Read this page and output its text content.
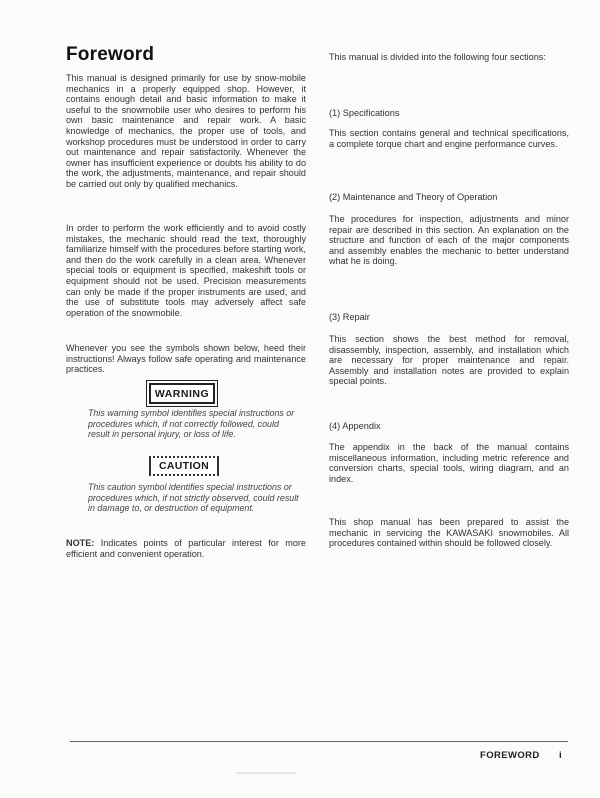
Foreword

This manual is designed primarily for use by snow-mobile mechanics in a properly equipped shop. However, it contains enough detail and basic information to make it useful to the snowmobile user who desires to perform his own basic maintenance and repair work. A basic knowledge of mechanics, the proper use of tools, and workshop procedures must be understood in order to carry out maintenance and repair satisfactorily. Whenever the owner has insufficient experience or doubts his ability to do the work, the adjustments, maintenance, and repair should be carried out only by qualified mechanics.

In order to perform the work efficiently and to avoid costly mistakes, the mechanic should read the text, thoroughly familiarize himself with the procedures before starting work, and then do the work carefully in a clean area. Whenever special tools or equipment is specified, makeshift tools or equipment should not be used. Precision measurements can only be made if the proper instruments are used, and the use of substitute tools may adversely affect safe operation of the snowmobile.

Whenever you see the symbols shown below, heed their instructions! Always follow safe operating and maintenance practices.

WARNING

This warning symbol identifies special instructions or procedures which, if not correctly followed, could result in personal injury, or loss of life.

CAUTION

This caution symbol identifies special instructions or procedures which, if not strictly observed, could result in damage to, or destruction of equipment.

NOTE: Indicates points of particular interest for more efficient and convenient operation.

This manual is divided into the following four sections:

(1) Specifications

This section contains general and technical specifications, a complete torque chart and engine performance curves.

(2) Maintenance and Theory of Operation

The procedures for inspection, adjustments and minor repair are described in this section. An explanation on the structure and function of each of the major components and assembly enables the mechanic to better understand what he is doing.

(3) Repair

This section shows the best method for removal, disassembly, inspection, assembly, and installation which are necessary for proper maintenance and repair. Assembly and installation notes are provided to explain special points.

(4) Appendix

The appendix in the back of the manual contains miscellaneous information, including metric reference and conversion charts, special tools, wiring diagram, and an index.

This shop manual has been prepared to assist the mechanic in servicing the KAWASAKI snowmobiles. All procedures contained within should be followed closely.

FOREWORD i
